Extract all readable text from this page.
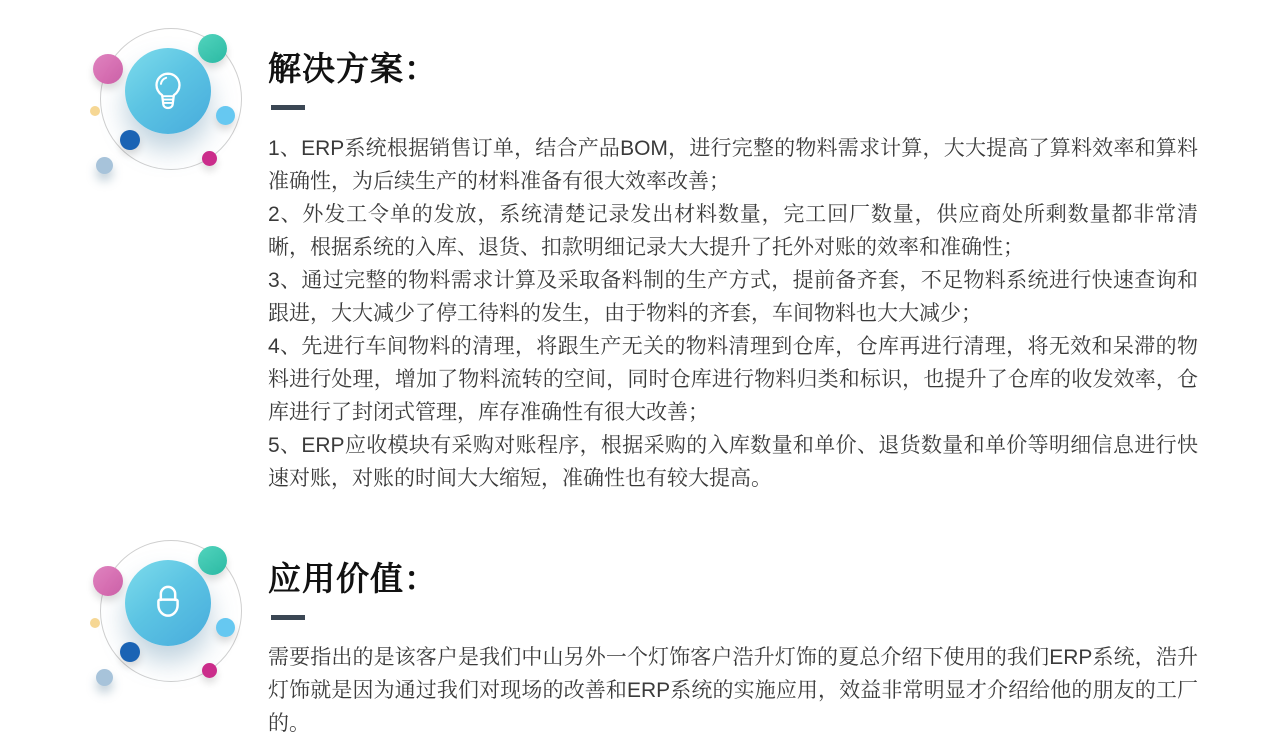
解决方案：

1、ERP系统根据销售订单，结合产品BOM，进行完整的物料需求计算，大大提高了算料效率和算料准确性，为后续生产的材料准备有很大效率改善；

2、外发工令单的发放，系统清楚记录发出材料数量，完工回厂数量，供应商处所剩数量都非常清晰，根据系统的入库、退货、扣款明细记录大大提升了托外对账的效率和准确性；

3、通过完整的物料需求计算及采取备料制的生产方式，提前备齐套，不足物料系统进行快速查询和跟进，大大减少了停工待料的发生，由于物料的齐套，车间物料也大大减少；

4、先进行车间物料的清理，将跟生产无关的物料清理到仓库，仓库再进行清理，将无效和呆滞的物料进行处理，增加了物料流转的空间，同时仓库进行物料归类和标识，也提升了仓库的收发效率，仓库进行了封闭式管理，库存准确性有很大改善；

5、ERP应收模块有采购对账程序，根据采购的入库数量和单价、退货数量和单价等明细信息进行快速对账，对账的时间大大缩短，准确性也有较大提高。

应用价值：

需要指出的是该客户是我们中山另外一个灯饰客户浩升灯饰的夏总介绍下使用的我们ERP系统，浩升灯饰就是因为通过我们对现场的改善和ERP系统的实施应用，效益非常明显才介绍给他的朋友的工厂的。
